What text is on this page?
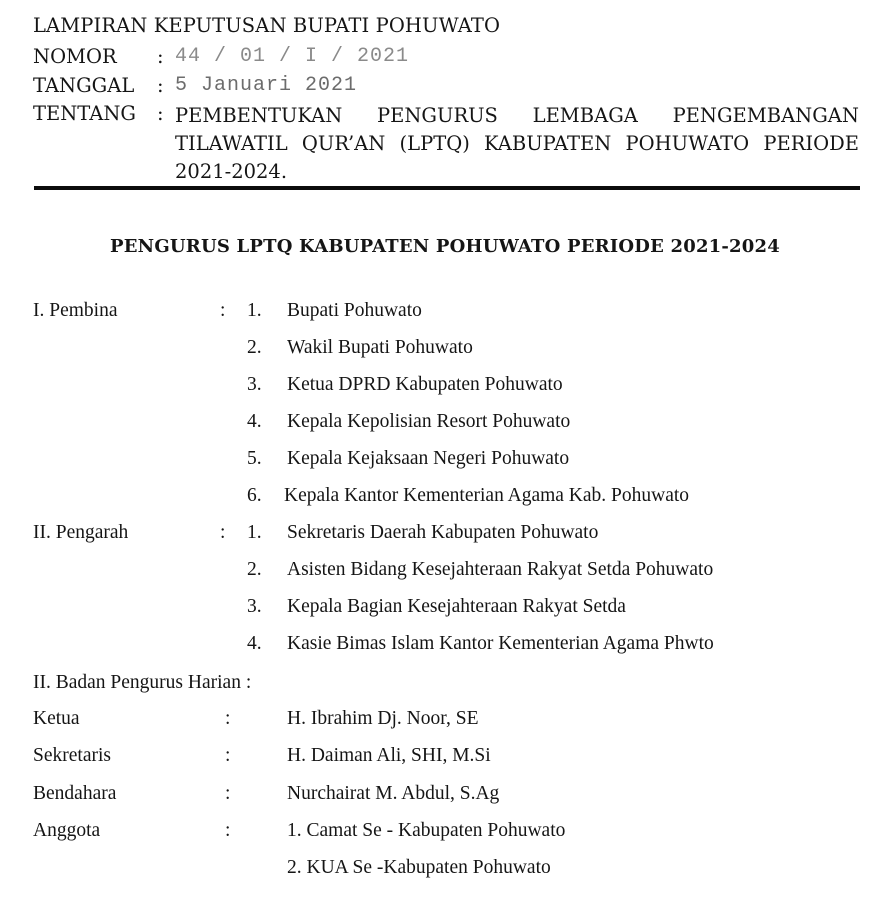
LAMPIRAN KEPUTUSAN BUPATI POHUWATO
NOMOR : 44 / 01 / I / 2021
TANGGAL : 5 Januari 2021
TENTANG : PEMBENTUKAN PENGURUS LEMBAGA PENGEMBANGAN
TILAWATIL QUR’AN (LPTQ) KABUPATEN POHUWATO PERIODE
2021-2024.
PENGURUS LPTQ KABUPATEN POHUWATO PERIODE 2021-2024
I. Pembina	: 1. Bupati Pohuwato
2. Wakil Bupati Pohuwato
3. Ketua DPRD Kabupaten Pohuwato
4. Kepala Kepolisian Resort Pohuwato
5. Kepala Kejaksaan Negeri Pohuwato
6. Kepala Kantor Kementerian Agama Kab. Pohuwato
II. Pengarah	: 1. Sekretaris Daerah Kabupaten Pohuwato
2. Asisten Bidang Kesejahteraan Rakyat Setda Pohuwato
3. Kepala Bagian Kesejahteraan Rakyat Setda
4. Kasie Bimas Islam Kantor Kementerian Agama Phwto
II. Badan Pengurus Harian :
Ketua	:	H. Ibrahim Dj. Noor, SE
Sekretaris	:	H. Daiman Ali, SHI, M.Si
Bendahara	:	Nurchairat M. Abdul, S.Ag
Anggota	:	1. Camat Se - Kabupaten Pohuwato
2. KUA Se -Kabupaten Pohuwato
